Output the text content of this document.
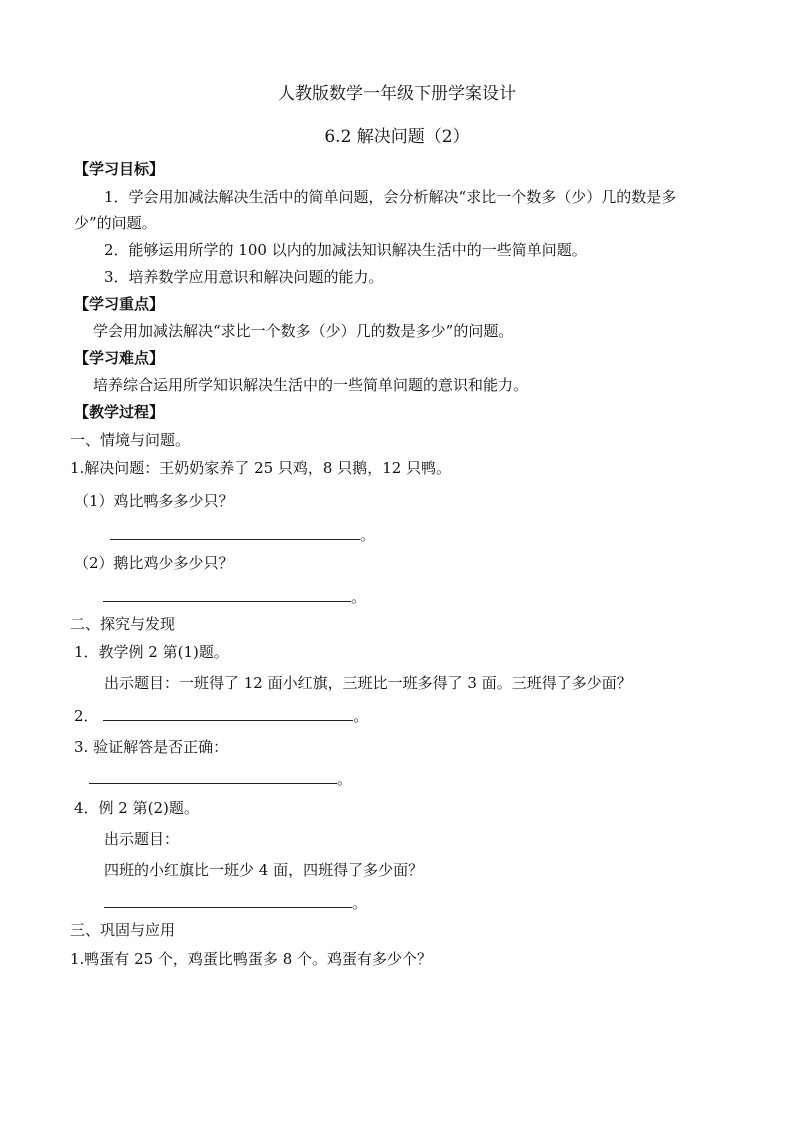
人教版数学一年级下册学案设计
6.2 解决问题（2）
【学习目标】
1．学会用加减法解决生活中的简单问题，会分析解决“求比一个数多（少）几的数是多
少”的问题。
2．能够运用所学的 100 以内的加减法知识解决生活中的一些简单问题。
3．培养数学应用意识和解决问题的能力。
【学习重点】
学会用加减法解决“求比一个数多（少）几的数是多少”的问题。
【学习难点】
培养综合运用所学知识解决生活中的一些简单问题的意识和能力。
【教学过程】
一、情境与问题。
1.解决问题：王奶奶家养了 25 只鸡，8 只鹅，12 只鸭。
（1）鸡比鸭多多少只？
。
（2）鹅比鸡少多少只？
。
二、探究与发现
1．教学例 2 第(1)题。
出示题目：一班得了 12 面小红旗，三班比一班多得了 3 面。三班得了多少面？
2．	。
3. 验证解答是否正确：
。
4．例 2 第(2)题。
出示题目：
四班的小红旗比一班少 4 面，四班得了多少面？
。
三、巩固与应用
1.鸭蛋有 25 个，鸡蛋比鸭蛋多 8 个。鸡蛋有多少个？
